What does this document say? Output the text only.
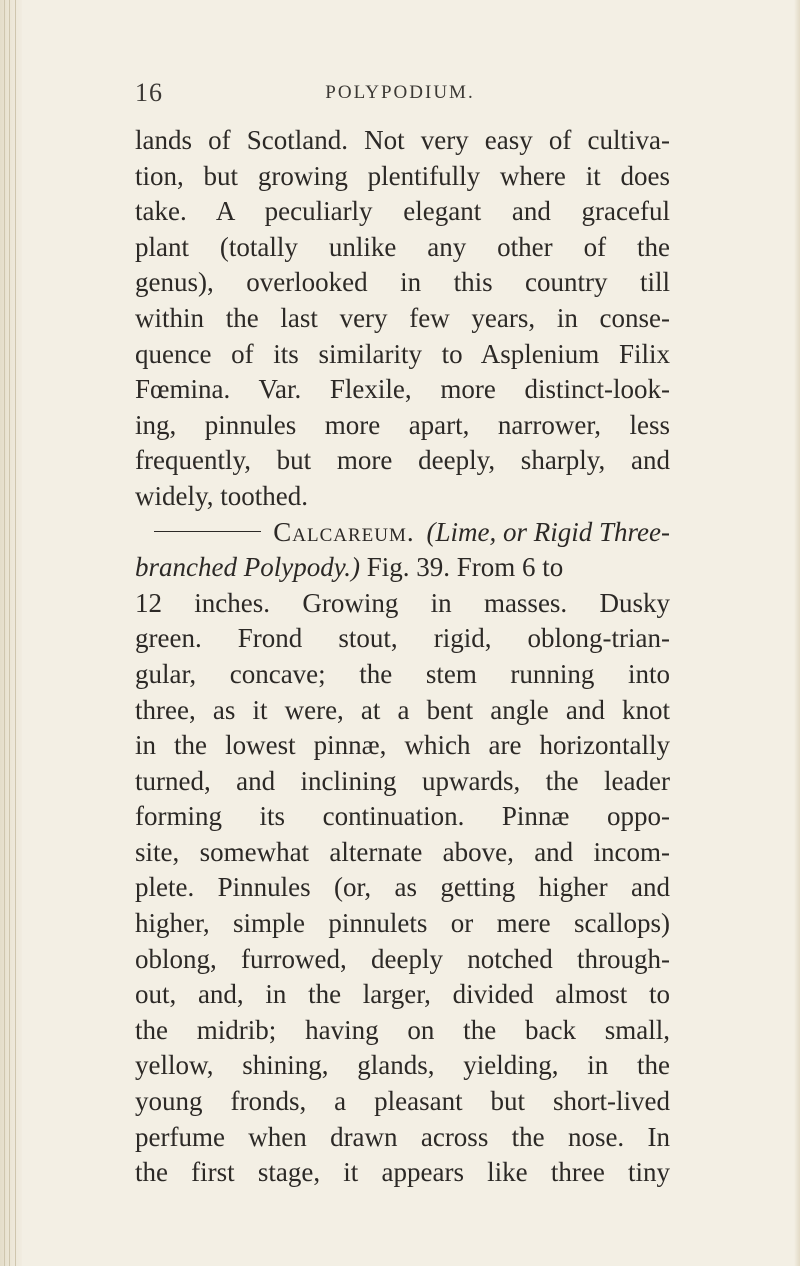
16	POLYPODIUM.
lands of Scotland. Not very easy of cultiva-
tion, but growing plentifully where it does
take. A peculiarly elegant and graceful
plant (totally unlike any other of the
genus), overlooked in this country till
within the last very few years, in conse-
quence of its similarity to Asplenium Filix
Fœmina. Var. Flexile, more distinct-look-
ing, pinnules more apart, narrower, less
frequently, but more deeply, sharply, and
widely, toothed.
Calcareum. (Lime, or Rigid Three-
branched Polypody.) Fig. 39. From 6 to
12 inches. Growing in masses. Dusky
green. Frond stout, rigid, oblong-trian-
gular, concave; the stem running into
three, as it were, at a bent angle and knot
in the lowest pinnæ, which are horizontally
turned, and inclining upwards, the leader
forming its continuation. Pinnæ oppo-
site, somewhat alternate above, and incom-
plete. Pinnules (or, as getting higher and
higher, simple pinnulets or mere scallops)
oblong, furrowed, deeply notched through-
out, and, in the larger, divided almost to
the midrib; having on the back small,
yellow, shining, glands, yielding, in the
young fronds, a pleasant but short-lived
perfume when drawn across the nose. In
the first stage, it appears like three tiny
